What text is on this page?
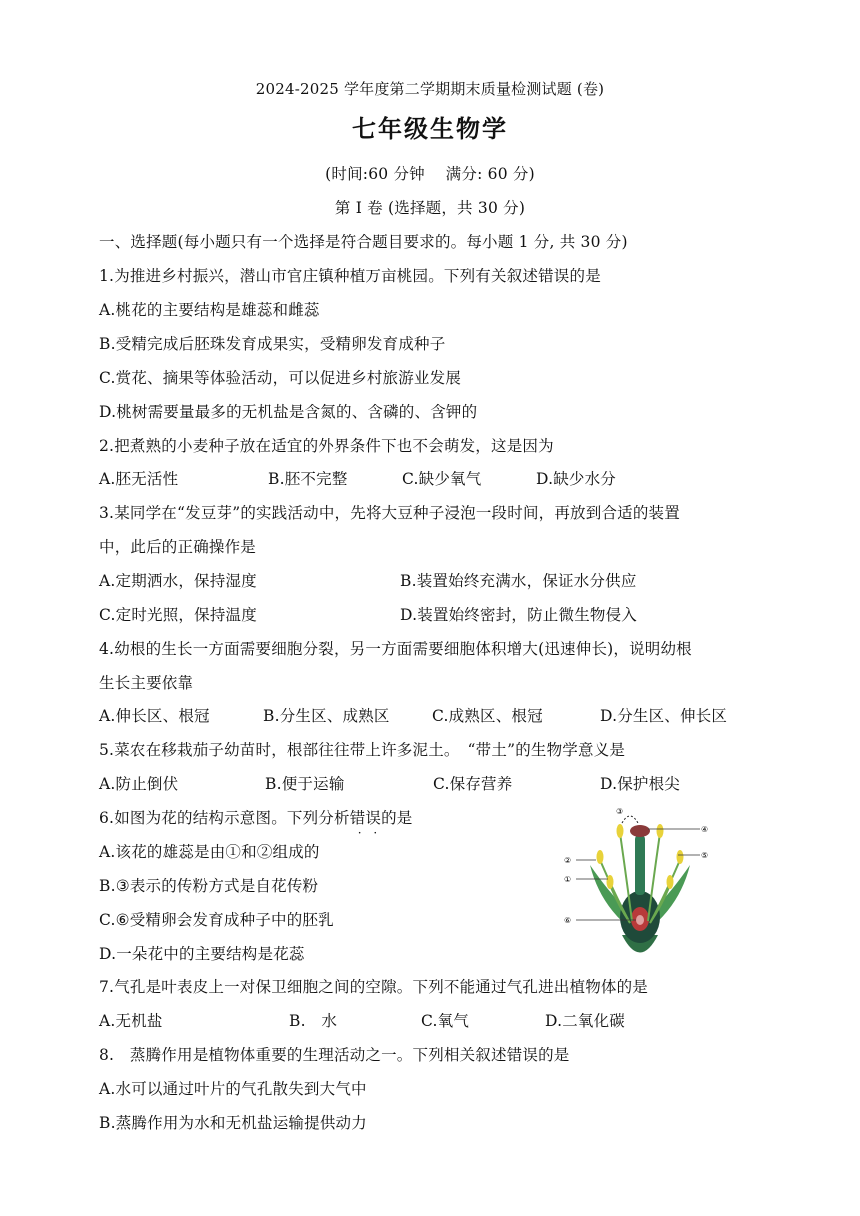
2024-2025 学年度第二学期期末质量检测试题 (卷)
七年级生物学
(时间:60 分钟　 满分: 60 分)
第 I 卷 (选择题，共 30 分)
一、选择题(每小题只有一个选择是符合题目要求的。每小题 1 分, 共 30 分)
1.为推进乡村振兴，潜山市官庄镇种植万亩桃园。下列有关叙述错误的是
A.桃花的主要结构是雄蕊和雌蕊
B.受精完成后胚珠发育成果实，受精卵发育成种子
C.赏花、摘果等体验活动，可以促进乡村旅游业发展
D.桃树需要量最多的无机盐是含氮的、含磷的、含钾的
2.把煮熟的小麦种子放在适宜的外界条件下也不会萌发，这是因为
A.胚无活性	B.胚不完整	C.缺少氧气	D.缺少水分
3.某同学在“发豆芽”的实践活动中，先将大豆种子浸泡一段时间，再放到合适的装置
中，此后的正确操作是
A.定期洒水，保持湿度	B.装置始终充满水，保证水分供应
C.定时光照，保持温度	D.装置始终密封，防止微生物侵入
4.幼根的生长一方面需要细胞分裂，另一方面需要细胞体积增大(迅速伸长)，说明幼根
生长主要依靠
A.伸长区、根冠	B.分生区、成熟区	C.成熟区、根冠	D.分生区、伸长区
5.菜农在移栽茄子幼苗时，根部往往带上许多泥土。　“带土”的生物学意义是
A.防止倒伏	B.便于运输	C.保存营养	D.保护根尖
6.如图为花的结构示意图。下列分析错误 · ·的是
A.该花的雄蕊是由①和②组成的
B.③表示的传粉方式是自花传粉
C.⑥受精卵会发育成种子中的胚乳
D.一朵花中的主要结构是花蕊
③
④
②
⑤
①
⑥
7.气孔是叶表皮上一对保卫细胞之间的空隙。下列不能通过气孔进出植物体的是
A.无机盐	B.　水	C.氧气	D.二氧化碳
8.　蒸腾作用是植物体重要的生理活动之一。下列相关叙述错误的是
A.水可以通过叶片的气孔散失到大气中
B.蒸腾作用为水和无机盐运输提供动力
